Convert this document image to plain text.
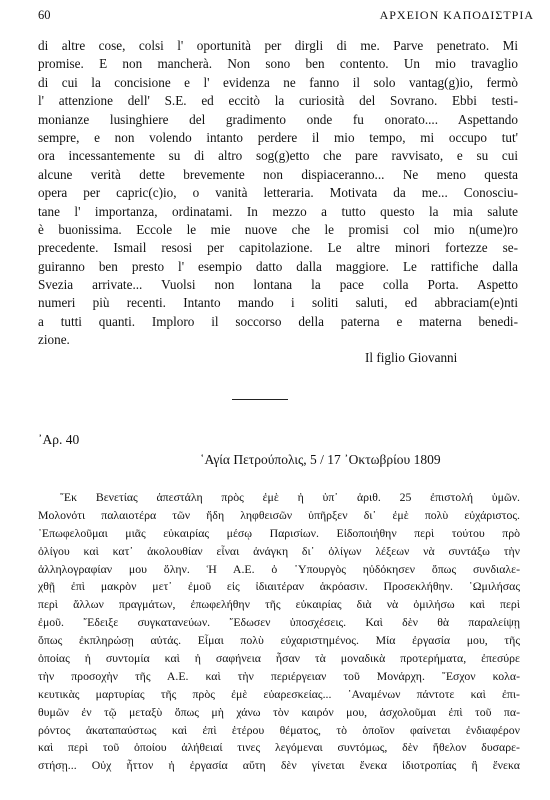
60	ΑΡΧΕΙΟΝ ΚΑΠΟΔΙΣΤΡΙΑ
di altre cose, colsi l' oportunità per dirgli di me. Parve penetrato. Mi
promise. E non mancherà. Non sono ben contento. Un mio travaglio
di cui la concisione e l' evidenza ne fanno il solo vantag(g)io, fermò
l' attenzione dell' S.E. ed eccitò la curiosità del Sovrano. Ebbi testi-
monianze lusinghiere del gradimento onde fu onorato.... Aspettando
sempre, e non volendo intanto perdere il mio tempo, mi occupo tut'
ora incessantemente su di altro sog(g)etto che pare ravvisato, e su cui
alcune verità dette brevemente non dispiaceranno... Ne meno questa
opera per capric(c)io, o vanità letteraria. Motivata da me... Conosciu-
tane l' importanza, ordinatami. In mezzo a tutto questo la mia salute
è buonissima. Eccole le mie nuove che le promisi col mio n(ume)ro
precedente. Ismail resosi per capitolazione. Le altre minori fortezze se-
guiranno ben presto l' esempio datto dalla maggiore. Le rattifiche dalla
Svezia arrivate... Vuolsi non lontana la pace colla Porta. Aspetto
numeri più recenti. Intanto mando i soliti saluti, ed abbraciam(e)nti
a tutti quanti. Imploro il soccorso della paterna e materna benedi-
zione.
Il figlio Giovanni
᾿Αρ. 40
῾Αγία Πετρούπολις, 5 / 17 ᾿Οκτωβρίου 1809
῞Εκ Βενετίας ἀπεστάλη πρὸς ἐμὲ ἡ ὑπ᾿ ἀριθ. 25 ἐπιστολή ὑμῶν.
Μολονότι παλαιοτέρα τῶν ἤδη ληφθεισῶν ὑπῆρξεν δι᾿ ἐμὲ πολὺ εὐχάριστος.
᾿Επωφελοῦμαι μιᾶς εὐκαιρίας μέσῳ Παρισίων. Εἰδοποιήθην περὶ τούτου πρὸ
ὀλίγου καὶ κατ᾿ ἀκολουθίαν εἶναι ἀνάγκη δι᾿ ὀλίγων λέξεων νὰ συντάξω τὴν
ἀλληλογραφίαν μου ὅλην. Ἡ Α.Ε. ὁ ῾Υπουργὸς ηὐδόκησεν ὅπως συνδιαλε-
χθῇ ἐπὶ μακρὸν μετ᾿ ἐμοῦ εἰς ἰδιαιτέραν ἀκρόασιν. Προσεκλήθην. ᾿Ωμιλήσας
περὶ ἄλλων πραγμάτων, ἐπωφελήθην τῆς εὐκαιρίας διὰ νὰ ὁμιλήσω καὶ περὶ
ἐμοῦ. ῎Εδειξε συγκατανεύων. ῎Εδωσεν ὑποσχέσεις. Καὶ δὲν θὰ παραλείψῃ
ὅπως ἐκπληρώσῃ αὐτάς. Εἶμαι πολὺ εὐχαριστημένος. Μία ἐργασία μου, τῆς
ὁποίας ἡ συντομία καὶ ἡ σαφήνεια ἦσαν τὰ μοναδικὰ προτερήματα, ἐπεσύρε
τὴν προσοχὴν τῆς Α.Ε. καὶ τὴν περιέργειαν τοῦ Μονάρχη. ῎Εσχον κολα-
κευτικὰς μαρτυρίας τῆς πρὸς ἐμὲ εὐαρεσκείας... ᾿Αναμένων πάντοτε καὶ ἐπι-
θυμῶν ἐν τῷ μεταξὺ ὅπως μὴ χάνω τὸν καιρόν μου, ἀσχολοῦμαι ἐπὶ τοῦ πα-
ρόντος ἀκαταπαύστως καὶ ἐπὶ ἑτέρου θέματος, τὸ ὁποῖον φαίνεται ἐνδιαφέρον
καὶ περὶ τοῦ ὁποίου ἀλήθειαί τινες λεγόμεναι συντόμως, δὲν ἤθελον δυσαρε-
στήσῃ... Οὐχ ἧττον ἡ ἐργασία αὕτη δὲν γίνεται ἕνεκα ἰδιοτροπίας ἢ ἕνεκα
